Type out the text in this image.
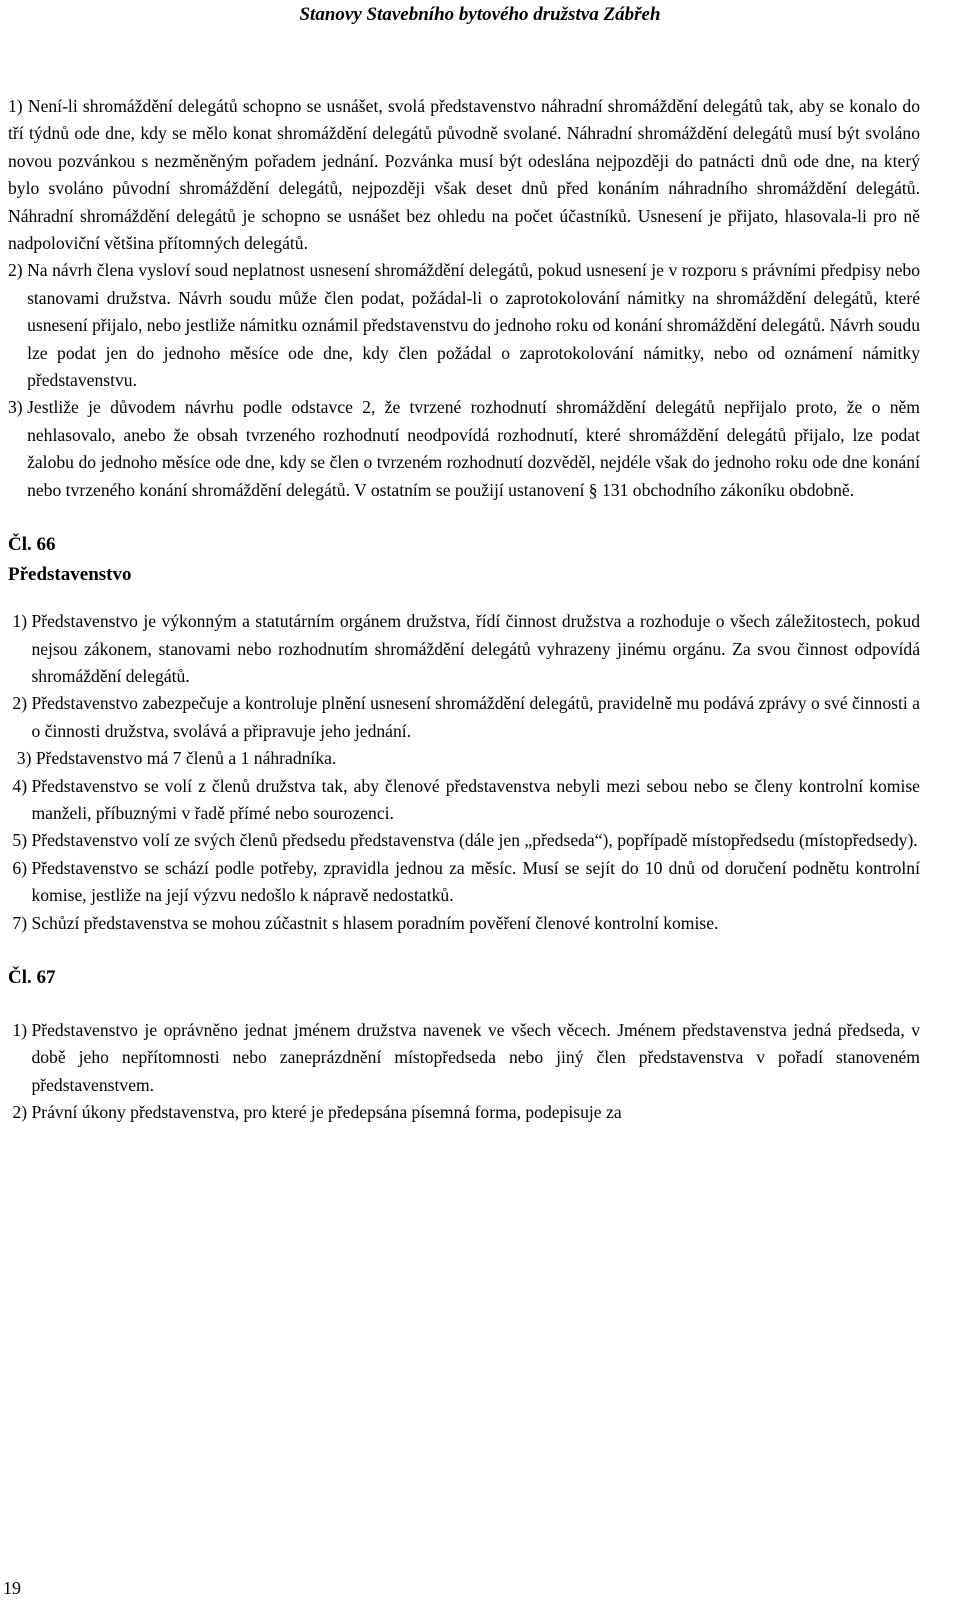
Stanovy Stavebního bytového družstva Zábřeh

1) Není-li shromáždění delegátů schopno se usnášet, svolá představenstvo náhradní shromáždění delegátů tak, aby se konalo do tří týdnů ode dne, kdy se mělo konat shromáždění delegátů původně svolané. Náhradní shromáždění delegátů musí být svoláno novou pozvánkou s nezměněným pořadem jednání. Pozvánka musí být odeslána nejpozději do patnácti dnů ode dne, na který bylo svoláno původní shromáždění delegátů, nejpozději však deset dnů před konáním náhradního shromáždění delegátů. Náhradní shromáždění delegátů je schopno se usnášet bez ohledu na počet účastníků. Usnesení je přijato, hlasovala-li pro ně nadpoloviční většina přítomných delegátů.

2) Na návrh člena vysloví soud neplatnost usnesení shromáždění delegátů, pokud usnesení je v rozporu s právními předpisy nebo stanovami družstva. Návrh soudu může člen podat, požádal-li o zaprotokolování námitky na shromáždění delegátů, které usnesení přijalo, nebo jestliže námitku oznámil představenstvu do jednoho roku od konání shromáždění delegátů. Návrh soudu lze podat jen do jednoho měsíce ode dne, kdy člen požádal o zaprotokolování námitky, nebo od oznámení námitky představenstvu.
3) Jestliže je důvodem návrhu podle odstavce 2, že tvrzené rozhodnutí shromáždění delegátů nepřijalo proto, že o něm nehlasovalo, anebo že obsah tvrzeného rozhodnutí neodpovídá rozhodnutí, které shromáždění delegátů přijalo, lze podat žalobu do jednoho měsíce ode dne, kdy se člen o tvrzeném rozhodnutí dozvěděl, nejdéle však do jednoho roku ode dne konání nebo tvrzeného konání shromáždění delegátů. V ostatním se použijí ustanovení § 131 obchodního zákoníku obdobně.

Čl. 66

Představenstvo

1) Představenstvo je výkonným a statutárním orgánem družstva, řídí činnost družstva a rozhoduje o všech záležitostech, pokud nejsou zákonem, stanovami nebo rozhodnutím shromáždění delegátů vyhrazeny jinému orgánu. Za svou činnost odpovídá shromáždění delegátů.
2) Představenstvo zabezpečuje a kontroluje plnění usnesení shromáždění delegátů, pravidelně mu podává zprávy o své činnosti a o činnosti družstva, svolává a připravuje jeho jednání.
3) Představenstvo má 7 členů a 1 náhradníka.
4) Představenstvo se volí z členů družstva tak, aby členové představenstva nebyli mezi sebou nebo se členy kontrolní komise manželi, příbuznými v řadě přímé nebo sourozenci.
5) Představenstvo volí ze svých členů předsedu představenstva (dále jen „předseda“), popřípadě místopředsedu (místopředsedy).
6) Představenstvo se schází podle potřeby, zpravidla jednou za měsíc. Musí se sejít do 10 dnů od doručení podnětu kontrolní komise, jestliže na její výzvu nedošlo k nápravě nedostatků.
7) Schůzí představenstva se mohou zúčastnit s hlasem poradním pověření členové kontrolní komise.

Čl. 67

1) Představenstvo je oprávněno jednat jménem družstva navenek ve všech věcech. Jménem představenstva jedná předseda, v době jeho nepřítomnosti nebo zaneprázdnění místopředseda nebo jiný člen představenstva v pořadí stanoveném představenstvem.
2) Právní úkony představenstva, pro které je předepsána písemná forma, podepisuje za
19
